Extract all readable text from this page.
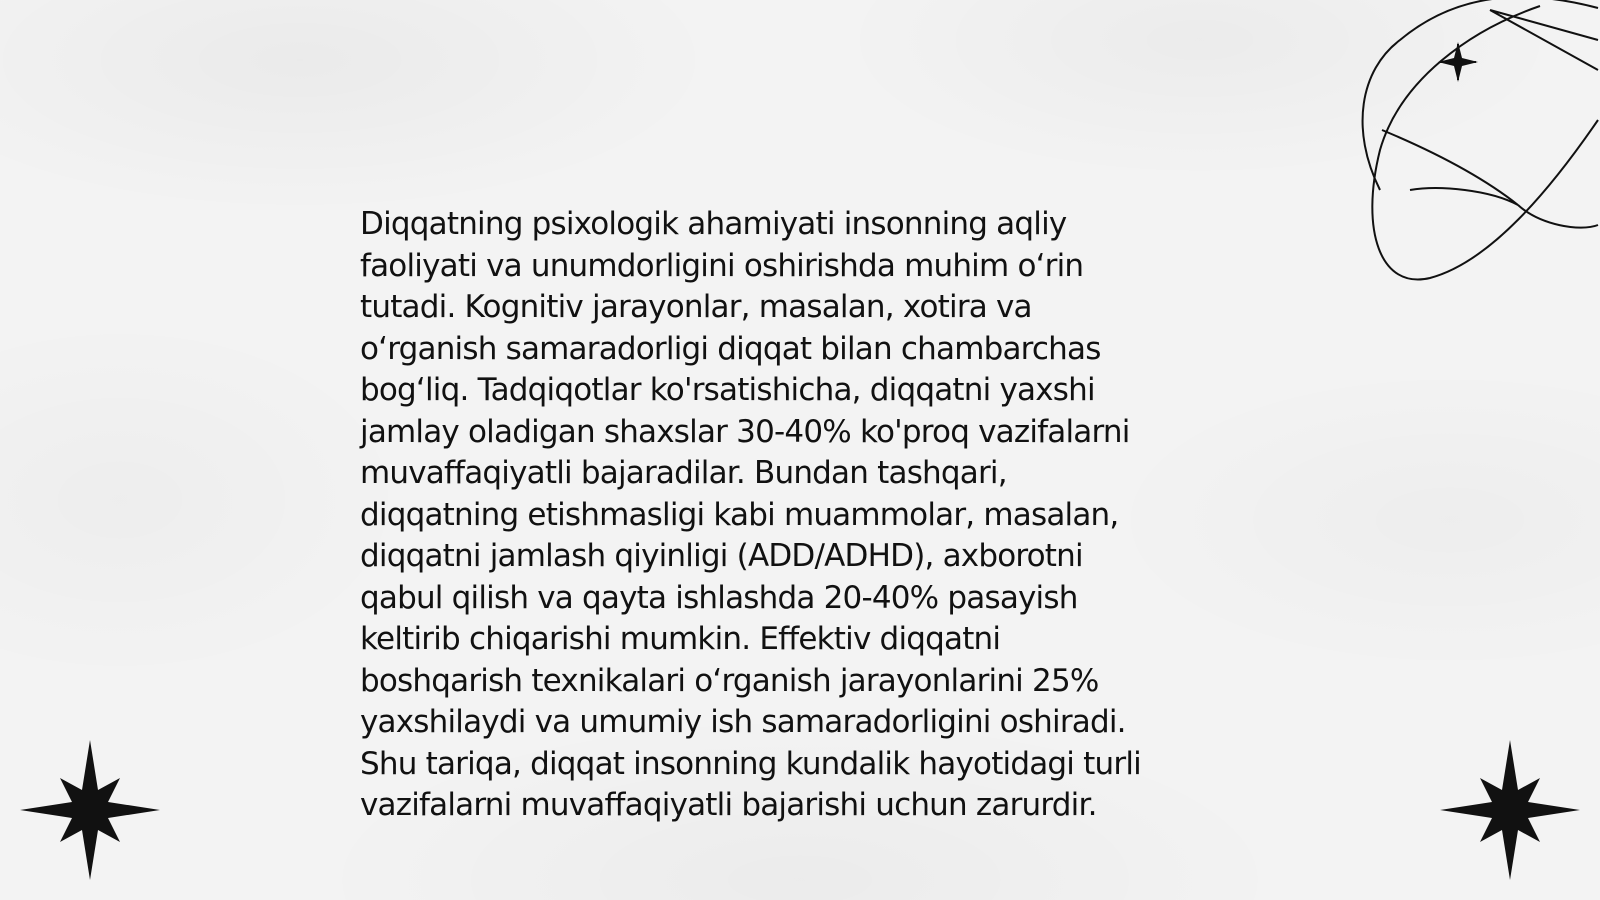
Diqqatning psixologik ahamiyati insonning aqliy
faoliyati va unumdorligini oshirishda muhim oʻrin
tutadi. Kognitiv jarayonlar, masalan, xotira va
oʻrganish samaradorligi diqqat bilan chambarchas
bogʻliq. Tadqiqotlar ko'rsatishicha, diqqatni yaxshi
jamlay oladigan shaxslar 30-40% ko'proq vazifalarni
muvaffaqiyatli bajaradilar. Bundan tashqari,
diqqatning etishmasligi kabi muammolar, masalan,
diqqatni jamlash qiyinligi (ADD/ADHD), axborotni
qabul qilish va qayta ishlashda 20-40% pasayish
keltirib chiqarishi mumkin. Effektiv diqqatni
boshqarish texnikalari oʻrganish jarayonlarini 25%
yaxshilaydi va umumiy ish samaradorligini oshiradi.
Shu tariqa, diqqat insonning kundalik hayotidagi turli
vazifalarni muvaffaqiyatli bajarishi uchun zarurdir.
